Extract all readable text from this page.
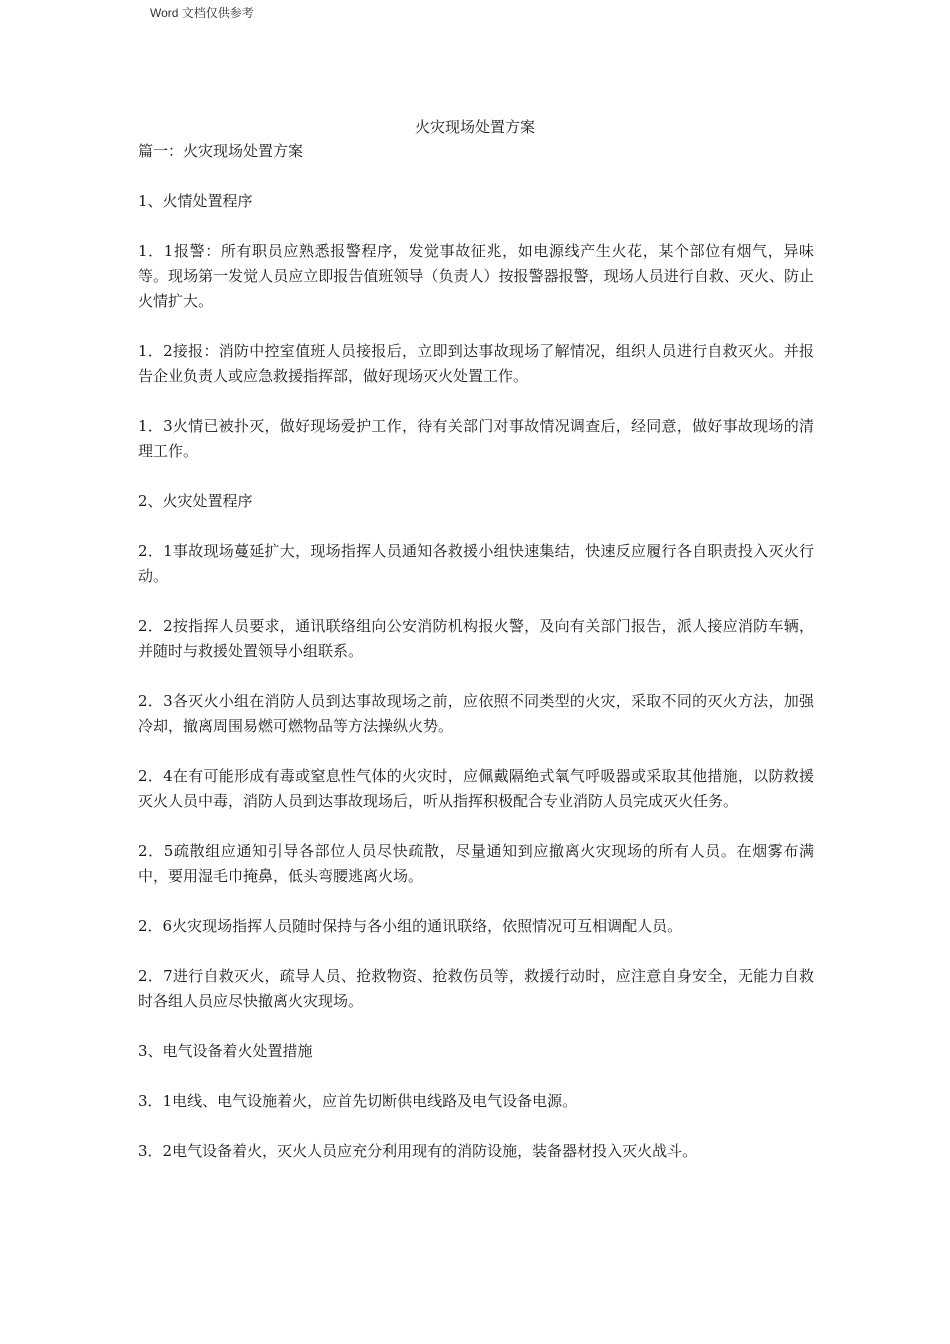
Word 文档仅供参考
火灾现场处置方案

篇一：火灾现场处置方案

1、火情处置程序

1．1报警：所有职员应熟悉报警程序，发觉事故征兆，如电源线产生火花，某个部位有烟气，异味等。现场第一发觉人员应立即报告值班领导（负责人）按报警器报警，现场人员进行自救、灭火、防止火情扩大。

1．2接报：消防中控室值班人员接报后，立即到达事故现场了解情况，组织人员进行自救灭火。并报告企业负责人或应急救援指挥部，做好现场灭火处置工作。

1．3火情已被扑灭，做好现场爱护工作，待有关部门对事故情况调查后，经同意，做好事故现场的清理工作。

2、火灾处置程序

2．1事故现场蔓延扩大，现场指挥人员通知各救援小组快速集结，快速反应履行各自职责投入灭火行动。

2．2按指挥人员要求，通讯联络组向公安消防机构报火警，及向有关部门报告，派人接应消防车辆，并随时与救援处置领导小组联系。

2．3各灭火小组在消防人员到达事故现场之前，应依照不同类型的火灾，采取不同的灭火方法，加强冷却，撤离周围易燃可燃物品等方法操纵火势。

2．4在有可能形成有毒或窒息性气体的火灾时，应佩戴隔绝式氧气呼吸器或采取其他措施，以防救援灭火人员中毒，消防人员到达事故现场后，听从指挥积极配合专业消防人员完成灭火任务。

2．5疏散组应通知引导各部位人员尽快疏散，尽量通知到应撤离火灾现场的所有人员。在烟雾布满中，要用湿毛巾掩鼻，低头弯腰逃离火场。

2．6火灾现场指挥人员随时保持与各小组的通讯联络，依照情况可互相调配人员。

2．7进行自救灭火，疏导人员、抢救物资、抢救伤员等，救援行动时，应注意自身安全，无能力自救时各组人员应尽快撤离火灾现场。

3、电气设备着火处置措施

3．1电线、电气设施着火，应首先切断供电线路及电气设备电源。

3．2电气设备着火，灭火人员应充分利用现有的消防设施，装备器材投入灭火战斗。
